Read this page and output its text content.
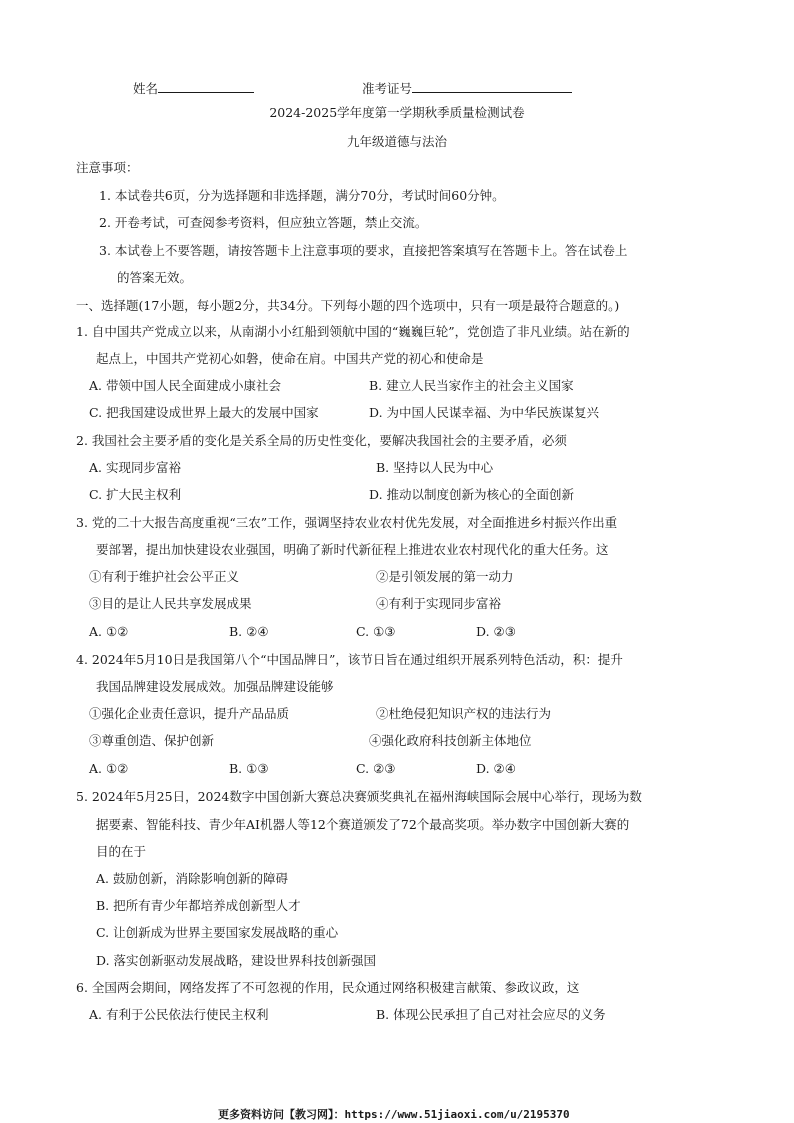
姓名	准考证号
2024-2025学年度第一学期秋季质量检测试卷
九年级道德与法治
注意事项：
1. 本试卷共6页，分为选择题和非选择题，满分70分，考试时间60分钟。
2. 开卷考试，可查阅参考资料，但应独立答题，禁止交流。
3. 本试卷上不要答题，请按答题卡上注意事项的要求，直接把答案填写在答题卡上。答在试卷上
的答案无效。
一、选择题(17小题，每小题2分，共34分。下列每小题的四个选项中，只有一项是最符合题意的。)
1. 自中国共产党成立以来，从南湖小小红船到领航中国的“巍巍巨轮”，党创造了非凡业绩。站在新的
起点上，中国共产党初心如磐，使命在肩。中国共产党的初心和使命是
A. 带领中国人民全面建成小康社会	B. 建立人民当家作主的社会主义国家
C. 把我国建设成世界上最大的发展中国家	D. 为中国人民谋幸福、为中华民族谋复兴
2. 我国社会主要矛盾的变化是关系全局的历史性变化，要解决我国社会的主要矛盾，必须
A. 实现同步富裕	B. 坚持以人民为中心
C. 扩大民主权利	D. 推动以制度创新为核心的全面创新
3. 党的二十大报告高度重视“三农”工作，强调坚持农业农村优先发展，对全面推进乡村振兴作出重
要部署，提出加快建设农业强国，明确了新时代新征程上推进农业农村现代化的重大任务。这
①有利于维护社会公平正义	②是引领发展的第一动力
③目的是让人民共享发展成果	④有利于实现同步富裕
A. ①②	B. ②④	C. ①③	D. ②③
4. 2024年5月10日是我国第八个“中国品牌日”，该节日旨在通过组织开展系列特色活动，积：提升
我国品牌建设发展成效。加强品牌建设能够
①强化企业责任意识，提升产品品质	②杜绝侵犯知识产权的违法行为
③尊重创造、保护创新	④强化政府科技创新主体地位
A. ①②	B. ①③	C. ②③	D. ②④
5. 2024年5月25日，2024数字中国创新大赛总决赛颁奖典礼在福州海峡国际会展中心举行，现场为数
据要素、智能科技、青少年AI机器人等12个赛道颁发了72个最高奖项。举办数字中国创新大赛的
目的在于
A. 鼓励创新，消除影响创新的障碍
B. 把所有青少年都培养成创新型人才
C. 让创新成为世界主要国家发展战略的重心
D. 落实创新驱动发展战略，建设世界科技创新强国
6. 全国两会期间，网络发挥了不可忽视的作用，民众通过网络积极建言献策、参政议政，这
A. 有利于公民依法行使民主权利	B. 体现公民承担了自己对社会应尽的义务
更多资料访问【教习网】：https://www.51jiaoxi.com/u/2195370
